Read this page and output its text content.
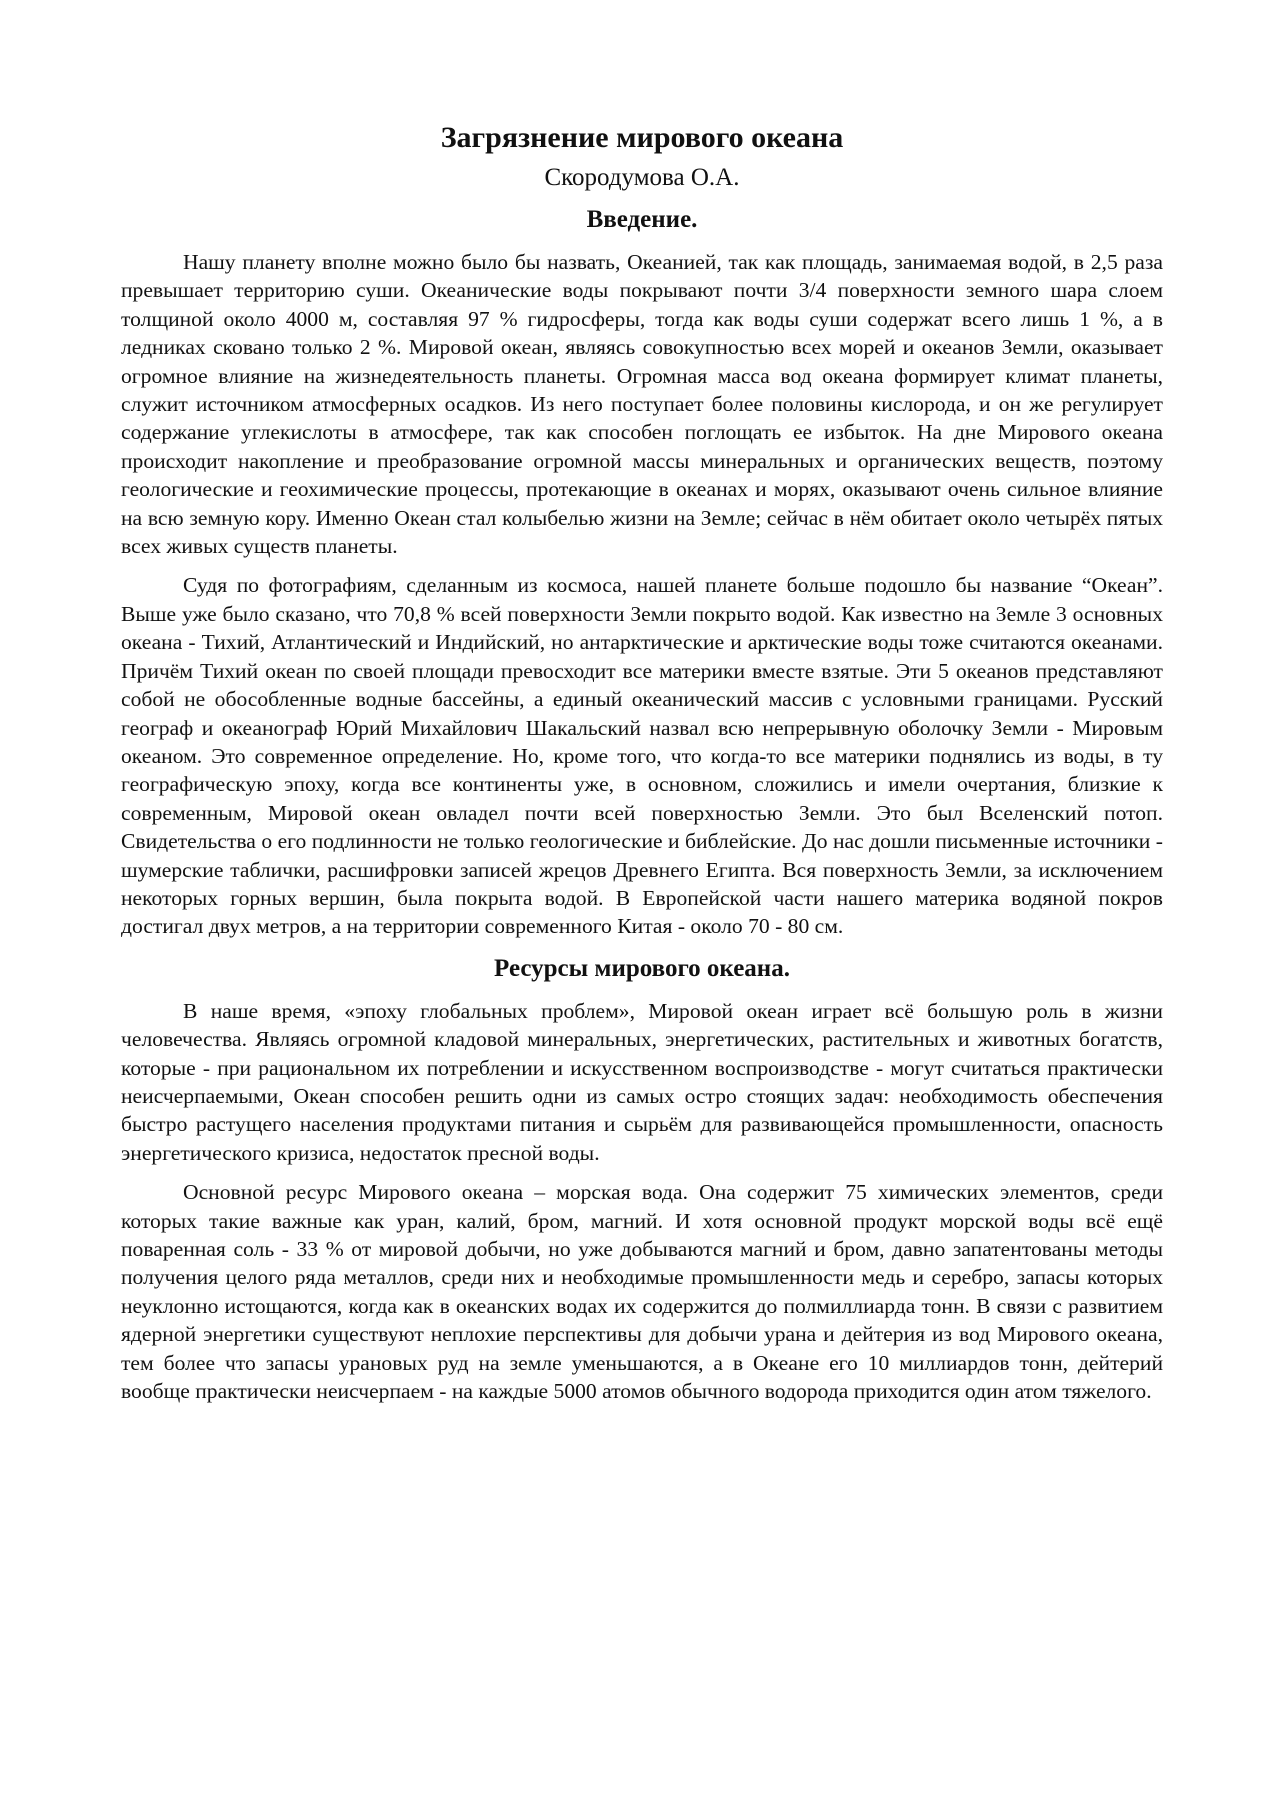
Загрязнение мирового океана
Скородумова О.А.
Введение.

Нашу планету вполне можно было бы назвать, Океанией, так как площадь, занимаемая водой, в 2,5 раза превышает территорию суши. Океанические воды покрывают почти 3/4 поверхности земного шара слоем толщиной около 4000 м, составляя 97 % гидросферы, тогда как воды суши содержат всего лишь 1 %, а в ледниках сковано только 2 %. Мировой океан, являясь совокупностью всех морей и океанов Земли, оказывает огромное влияние на жизнедеятельность планеты. Огромная масса вод океана формирует климат планеты, служит источником атмосферных осадков. Из него поступает более половины кислорода, и он же регулирует содержание углекислоты в атмосфере, так как способен поглощать ее избыток. На дне Мирового океана происходит накопление и преобразование огромной массы минеральных и органических веществ, поэтому геологические и геохимические процессы, протекающие в океанах и морях, оказывают очень сильное влияние на всю земную кору. Именно Океан стал колыбелью жизни на Земле; сейчас в нём обитает около четырёх пятых всех живых существ планеты.

Судя по фотографиям, сделанным из космоса, нашей планете больше подошло бы название “Океан”. Выше уже было сказано, что 70,8 % всей поверхности Земли покрыто водой. Как известно на Земле 3 основных океана - Тихий, Атлантический и Индийский, но антарктические и арктические воды тоже считаются океанами. Причём Тихий океан по своей площади превосходит все материки вместе взятые. Эти 5 океанов представляют собой не обособленные водные бассейны, а единый океанический массив с условными границами. Русский географ и океанограф Юрий Михайлович Шакальский назвал всю непрерывную оболочку Земли - Мировым океаном. Это современное определение. Но, кроме того, что когда-то все материки поднялись из воды, в ту географическую эпоху, когда все континенты уже, в основном, сложились и имели очертания, близкие к современным, Мировой океан овладел почти всей поверхностью Земли. Это был Вселенский потоп. Свидетельства о его подлинности не только геологические и библейские. До нас дошли письменные источники - шумерские таблички, расшифровки записей жрецов Древнего Египта. Вся поверхность Земли, за исключением некоторых горных вершин, была покрыта водой. В Европейской части нашего материка водяной покров достигал двух метров, а на территории современного Китая - около 70 - 80 см.

Ресурсы мирового океана.

В наше время, «эпоху глобальных проблем», Мировой океан играет всё большую роль в жизни человечества. Являясь огромной кладовой минеральных, энергетических, растительных и животных богатств, которые - при рациональном их потреблении и искусственном воспроизводстве - могут считаться практически неисчерпаемыми, Океан способен решить одни из самых остро стоящих задач: необходимость обеспечения быстро растущего населения продуктами питания и сырьём для развивающейся промышленности, опасность энергетического кризиса, недостаток пресной воды.

Основной ресурс Мирового океана – морская вода. Она содержит 75 химических элементов, среди которых такие важные как уран, калий, бром, магний. И хотя основной продукт морской воды всё ещё поваренная соль - 33 % от мировой добычи, но уже добываются магний и бром, давно запатентованы методы получения целого ряда металлов, среди них и необходимые промышленности медь и серебро, запасы которых неуклонно истощаются, когда как в океанских водах их содержится до полмиллиарда тонн. В связи с развитием ядерной энергетики существуют неплохие перспективы для добычи урана и дейтерия из вод Мирового океана, тем более что запасы урановых руд на земле уменьшаются, а в Океане его 10 миллиардов тонн, дейтерий вообще практически неисчерпаем - на каждые 5000 атомов обычного водорода приходится один атом тяжелого.
